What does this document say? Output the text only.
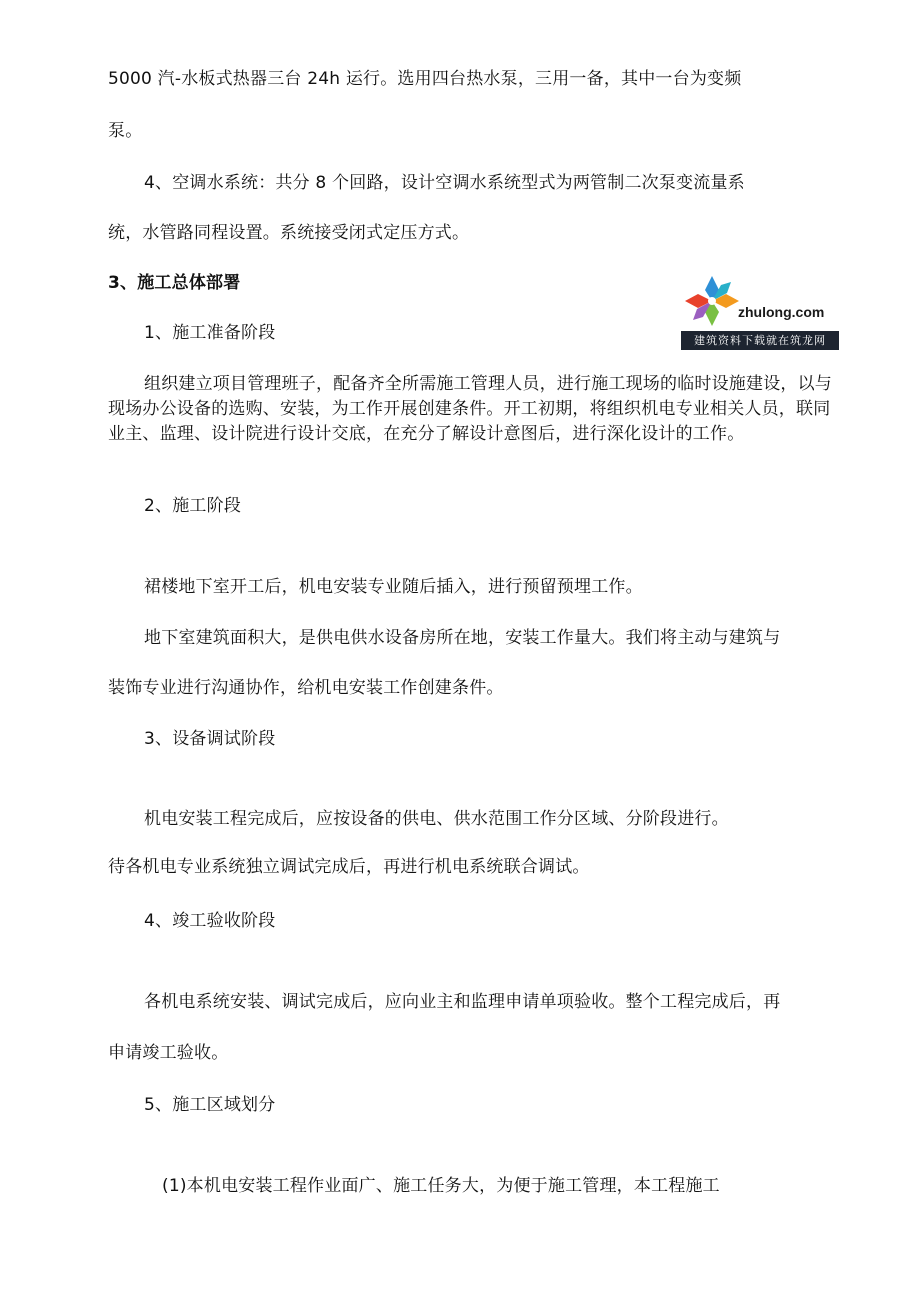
5000 汽-水板式热器三台 24h 运行。选用四台热水泵，三用一备，其中一台为变频
泵。
4、空调水系统：共分 8 个回路，设计空调水系统型式为两管制二次泵变流量系
统，水管路同程设置。系统接受闭式定压方式。
3、施工总体部署
zhulong.com
建筑资料下载就在筑龙网
1、施工准备阶段
组织建立项目管理班子，配备齐全所需施工管理人员，进行施工现场的临时设施建设，以与现场办公设备的选购、安装，为工作开展创建条件。开工初期，将组织机电专业相关人员，联同业主、监理、设计院进行设计交底，在充分了解设计意图后，进行深化设计的工作。
2、施工阶段
裙楼地下室开工后，机电安装专业随后插入，进行预留预埋工作。
地下室建筑面积大，是供电供水设备房所在地，安装工作量大。我们将主动与建筑与
装饰专业进行沟通协作，给机电安装工作创建条件。
3、设备调试阶段
机电安装工程完成后，应按设备的供电、供水范围工作分区域、分阶段进行。
待各机电专业系统独立调试完成后，再进行机电系统联合调试。
4、竣工验收阶段
各机电系统安装、调试完成后，应向业主和监理申请单项验收。整个工程完成后，再
申请竣工验收。
5、施工区域划分
(1)本机电安装工程作业面广、施工任务大，为便于施工管理，本工程施工
